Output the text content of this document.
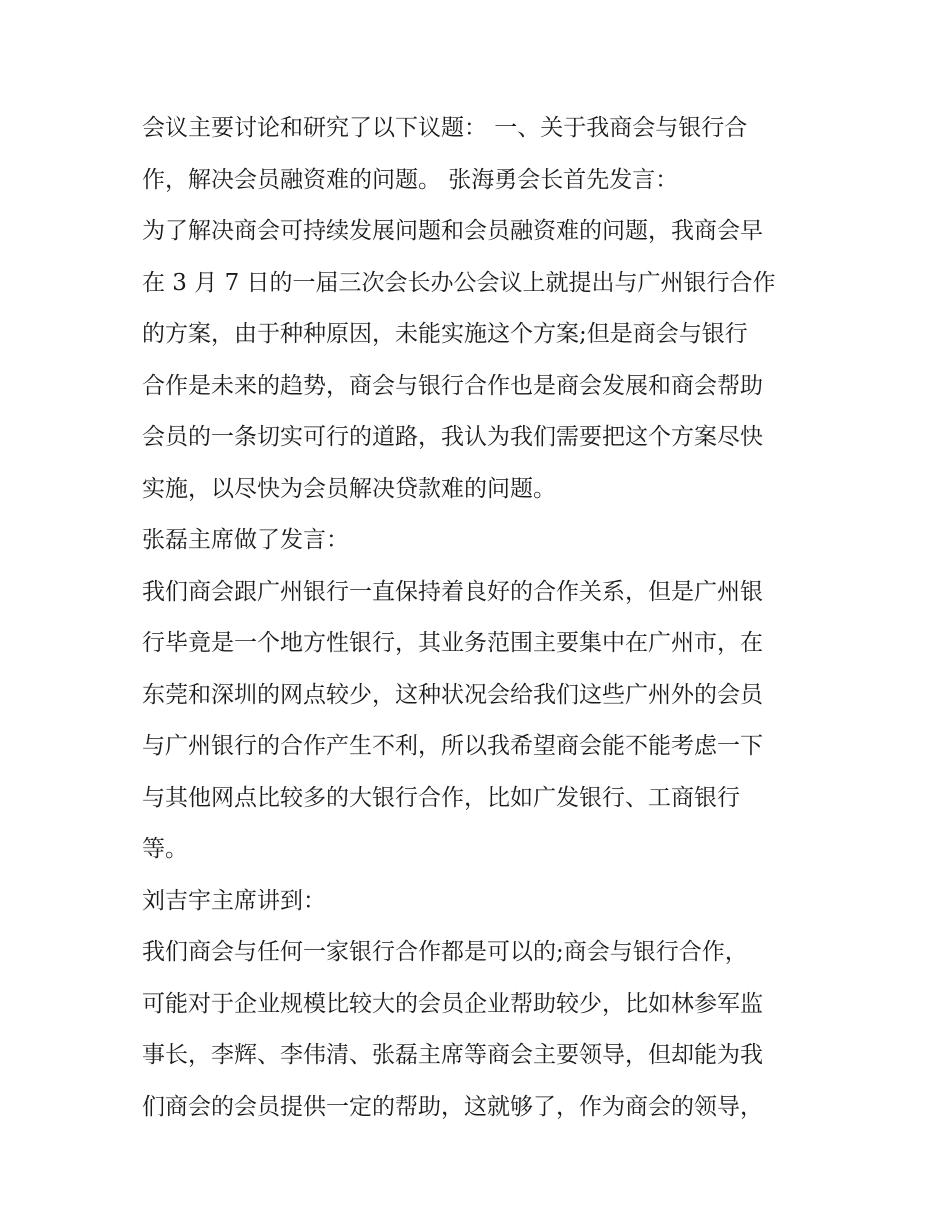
会议主要讨论和研究了以下议题： 一、关于我商会与银行合
作，解决会员融资难的问题。 张海勇会长首先发言：
为了解决商会可持续发展问题和会员融资难的问题，我商会早
在 3 月 7 日的一届三次会长办公会议上就提出与广州银行合作
的方案，由于种种原因，未能实施这个方案;但是商会与银行
合作是未来的趋势，商会与银行合作也是商会发展和商会帮助
会员的一条切实可行的道路，我认为我们需要把这个方案尽快
实施，以尽快为会员解决贷款难的问题。
张磊主席做了发言：
我们商会跟广州银行一直保持着良好的合作关系，但是广州银
行毕竟是一个地方性银行，其业务范围主要集中在广州市，在
东莞和深圳的网点较少，这种状况会给我们这些广州外的会员
与广州银行的合作产生不利，所以我希望商会能不能考虑一下
与其他网点比较多的大银行合作，比如广发银行、工商银行
等。
刘吉宇主席讲到：
我们商会与任何一家银行合作都是可以的;商会与银行合作，
可能对于企业规模比较大的会员企业帮助较少，比如林参军监
事长，李辉、李伟清、张磊主席等商会主要领导，但却能为我
们商会的会员提供一定的帮助，这就够了，作为商会的领导，
